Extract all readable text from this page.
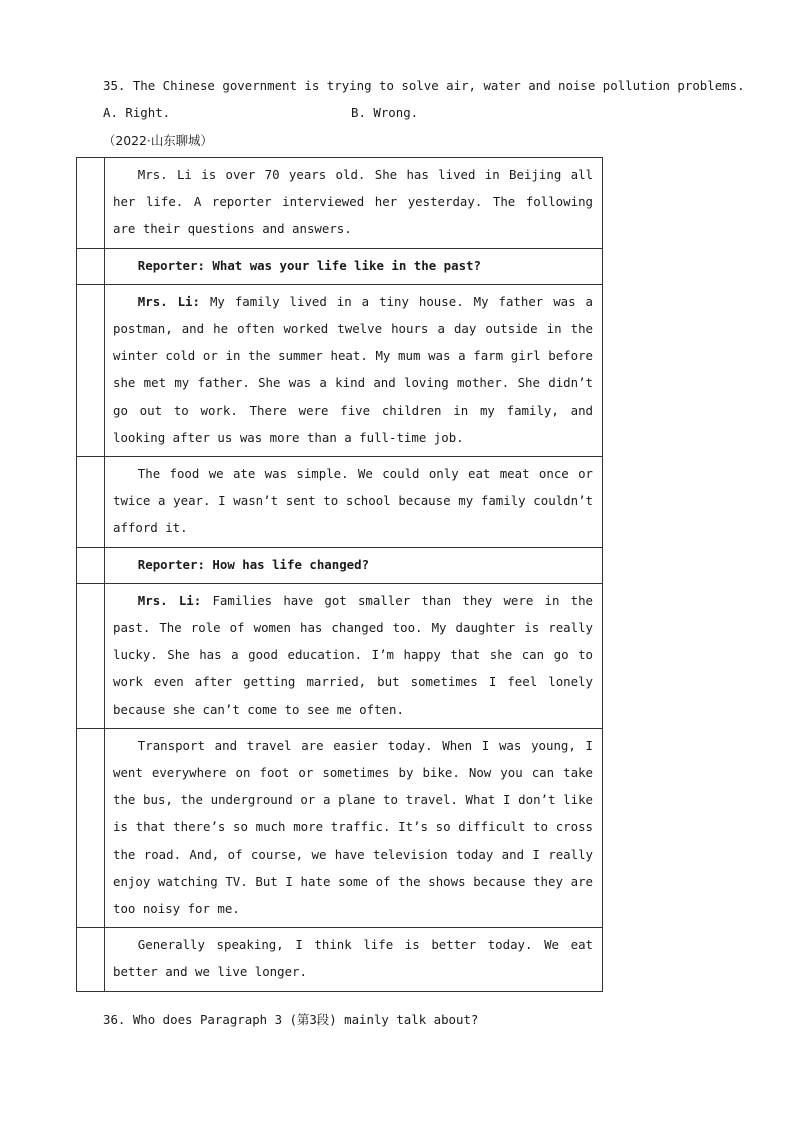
35. The Chinese government is trying to solve air, water and noise pollution problems.
A. Right.	B. Wrong.
（2022·山东聊城）

Mrs. Li is over 70 years old. She has lived in Beijing all her life. A reporter interviewed her yesterday. The following are their questions and answers.

Reporter: What was your life like in the past?

Mrs. Li: My family lived in a tiny house. My father was a postman, and he often worked twelve hours a day outside in the winter cold or in the summer heat. My mum was a farm girl before she met my father. She was a kind and loving mother. She didn’t go out to work. There were five children in my family, and looking after us was more than a full-time job.

The food we ate was simple. We could only eat meat once or twice a year. I wasn’t sent to school because my family couldn’t afford it.

Reporter: How has life changed?

Mrs. Li: Families have got smaller than they were in the past. The role of women has changed too. My daughter is really lucky. She has a good education. I’m happy that she can go to work even after getting married, but sometimes I feel lonely because she can’t come to see me often.

Transport and travel are easier today. When I was young, I went everywhere on foot or sometimes by bike. Now you can take the bus, the underground or a plane to travel. What I don’t like is that there’s so much more traffic. It’s so difficult to cross the road. And, of course, we have television today and I really enjoy watching TV. But I hate some of the shows because they are too noisy for me.

Generally speaking, I think life is better today. We eat better and we live longer.

36. Who does Paragraph 3 (第3段) mainly talk about?
